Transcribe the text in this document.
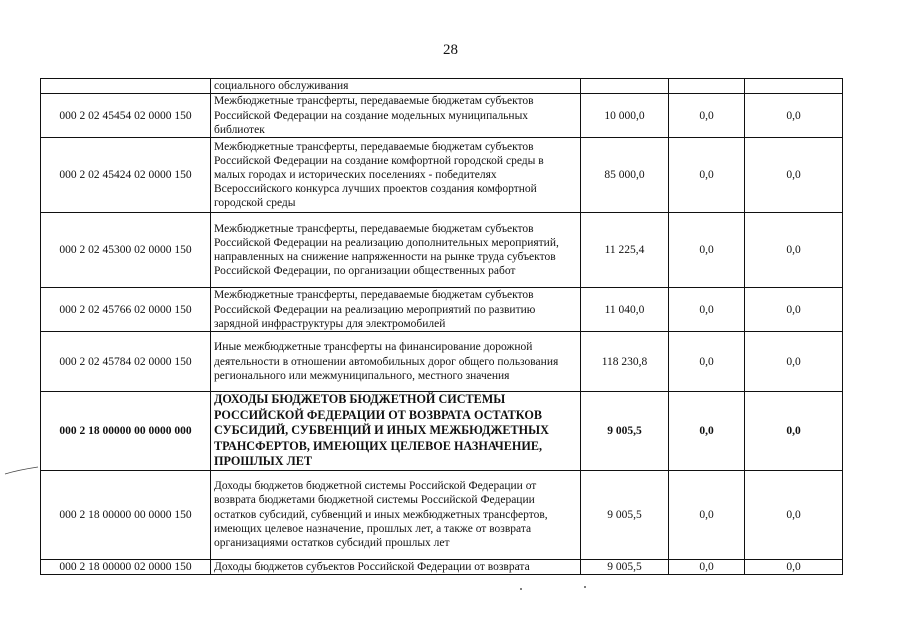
28
	социального обслуживания			
000 2 02 45454 02 0000 150	Межбюджетные трансферты, передаваемые бюджетам субъектов Российской Федерации на создание модельных муниципальных библиотек	10 000,0	0,0	0,0
000 2 02 45424 02 0000 150	Межбюджетные трансферты, передаваемые бюджетам субъектов Российской Федерации на создание комфортной городской среды в малых городах и исторических поселениях - победителях Всероссийского конкурса лучших проектов создания комфортной городской среды	85 000,0	0,0	0,0
000 2 02 45300 02 0000 150	Межбюджетные трансферты, передаваемые бюджетам субъектов Российской Федерации на реализацию дополнительных мероприятий, направленных на снижение напряженности на рынке труда субъектов Российской Федерации, по организации общественных работ	11 225,4	0,0	0,0
000 2 02 45766 02 0000 150	Межбюджетные трансферты, передаваемые бюджетам субъектов Российской Федерации на реализацию мероприятий по развитию зарядной инфраструктуры для электромобилей	11 040,0	0,0	0,0
000 2 02 45784 02 0000 150	Иные межбюджетные трансферты на финансирование дорожной деятельности в отношении автомобильных дорог общего пользования регионального или межмуниципального, местного значения	118 230,8	0,0	0,0
000 2 18 00000 00 0000 000	ДОХОДЫ БЮДЖЕТОВ БЮДЖЕТНОЙ СИСТЕМЫ РОССИЙСКОЙ ФЕДЕРАЦИИ ОТ ВОЗВРАТА ОСТАТКОВ СУБСИДИЙ, СУБВЕНЦИЙ И ИНЫХ МЕЖБЮДЖЕТНЫХ ТРАНСФЕРТОВ, ИМЕЮЩИХ ЦЕЛЕВОЕ НАЗНАЧЕНИЕ, ПРОШЛЫХ ЛЕТ	9 005,5	0,0	0,0
000 2 18 00000 00 0000 150	Доходы бюджетов бюджетной системы Российской Федерации от возврата бюджетами бюджетной системы Российской Федерации остатков субсидий, субвенций и иных межбюджетных трансфертов, имеющих целевое назначение, прошлых лет, а также от возврата организациями остатков субсидий прошлых лет	9 005,5	0,0	0,0
000 2 18 00000 02 0000 150	Доходы бюджетов субъектов Российской Федерации от возврата	9 005,5	0,0	0,0
